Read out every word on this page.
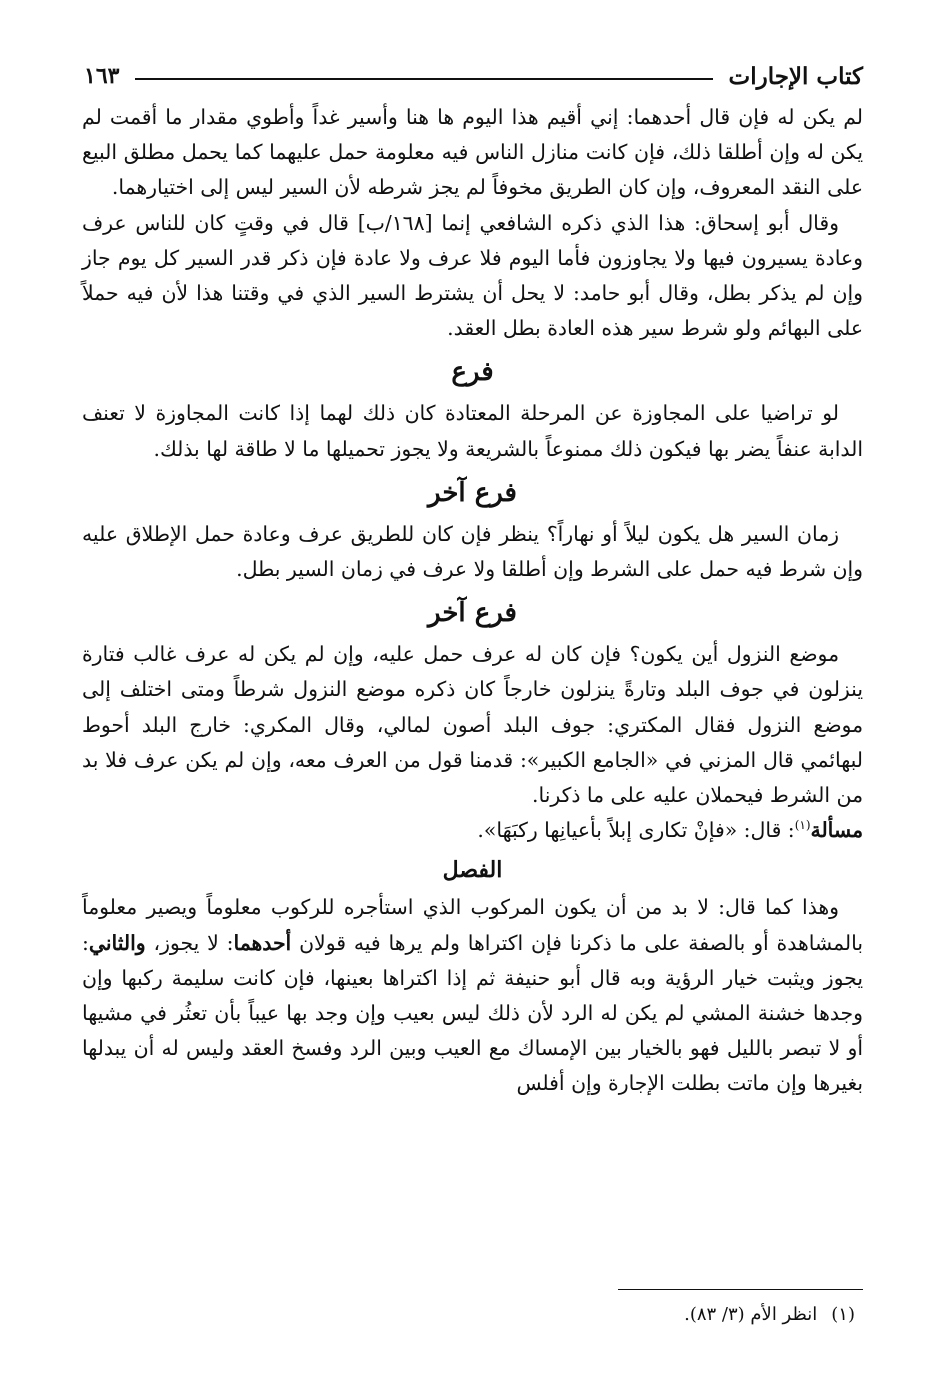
كتاب الإجارات
١٦٣

لم يكن له فإن قال أحدهما: إني أقيم هذا اليوم ها هنا وأسير غداً وأطوي مقدار ما أقمت لم يكن له وإن أطلقا ذلك، فإن كانت منازل الناس فيه معلومة حمل عليهما كما يحمل مطلق البيع على النقد المعروف، وإن كان الطريق مخوفاً لم يجز شرطه لأن السير ليس إلى اختيارهما.

وقال أبو إسحاق: هذا الذي ذكره الشافعي إنما [١٦٨/ب] قال في وقتٍ كان للناس عرف وعادة يسيرون فيها ولا يجاوزون فأما اليوم فلا عرف ولا عادة فإن ذكر قدر السير كل يوم جاز وإن لم يذكر بطل، وقال أبو حامد: لا يحل أن يشترط السير الذي في وقتنا هذا لأن فيه حملاً على البهائم ولو شرط سير هذه العادة بطل العقد.

فرع

لو تراضيا على المجاوزة عن المرحلة المعتادة كان ذلك لهما إذا كانت المجاوزة لا تعنف الدابة عنفاً يضر بها فيكون ذلك ممنوعاً بالشريعة ولا يجوز تحميلها ما لا طاقة لها بذلك.

فرع آخر

زمان السير هل يكون ليلاً أو نهاراً؟ ينظر فإن كان للطريق عرف وعادة حمل الإطلاق عليه وإن شرط فيه حمل على الشرط وإن أطلقا ولا عرف في زمان السير بطل.

فرع آخر

موضع النزول أين يكون؟ فإن كان له عرف حمل عليه، وإن لم يكن له عرف غالب فتارة ينزلون في جوف البلد وتارةً ينزلون خارجاً كان ذكره موضع النزول شرطاً ومتى اختلف إلى موضع النزول فقال المكتري: جوف البلد أصون لمالي، وقال المكري: خارج البلد أحوط لبهائمي قال المزني في «الجامع الكبير»: قدمنا قول من العرف معه، وإن لم يكن عرف فلا بد من الشرط فيحملان عليه على ما ذكرنا.

مسألة$^{(١)}$: قال: «فإنْ تكارى إبلاً بأعيانِها ركبَهَا».

الفصل

وهذا كما قال: لا بد من أن يكون المركوب الذي استأجره للركوب معلوماً ويصير معلوماً بالمشاهدة أو بالصفة على ما ذكرنا فإن اكتراها ولم يرها فيه قولان أحدهما: لا يجوز، والثاني: يجوز ويثبت خيار الرؤية وبه قال أبو حنيفة ثم إذا اكتراها بعينها، فإن كانت سليمة ركبها وإن وجدها خشنة المشي لم يكن له الرد لأن ذلك ليس بعيب وإن وجد بها عيباً بأن تعثُر في مشيها أو لا تبصر بالليل فهو بالخيار بين الإمساك مع العيب وبين الرد وفسخ العقد وليس له أن يبدلها بغيرها وإن ماتت بطلت الإجارة وإن أفلس

(١)انظر الأم (٣/ ٨٣).
